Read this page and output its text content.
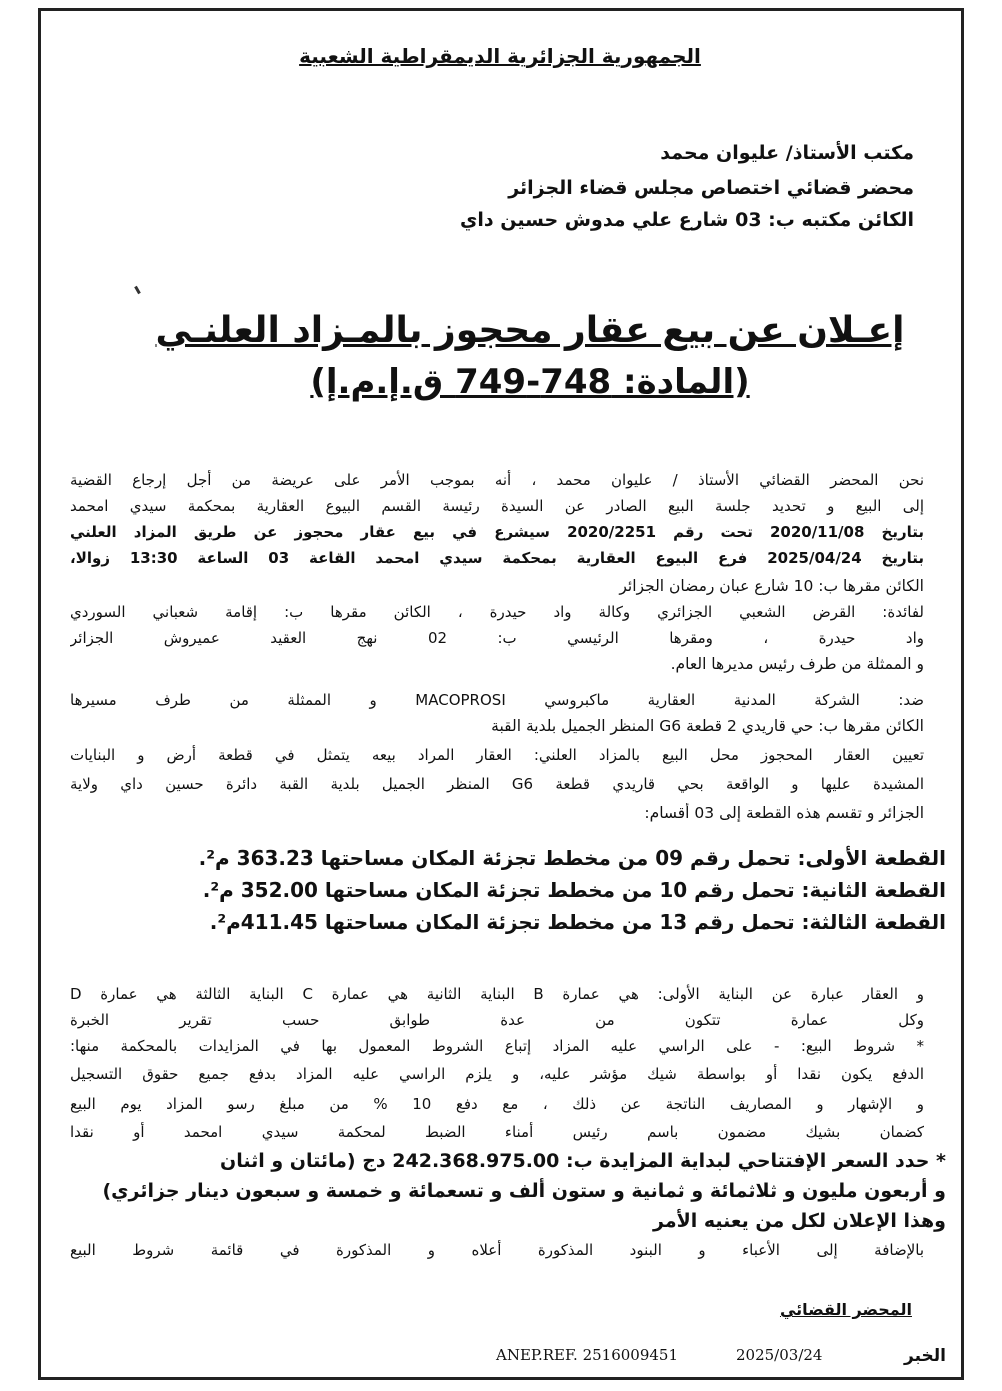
الجمهورية الجزائرية الديمقراطية الشعبية
مكتب الأستاذ/ عليوان محمد
محضر قضائي اختصاص مجلس قضاء الجزائر
الكائن مكتبه ب: 03 شارع علي مدوش حسين داي
إعـلان عن بيع عقار محجوز بالمـزاد العلنـي
(المادة: 748-749 ق.إ.م.إ)
نحن المحضر القضائي الأستاذ / عليوان محمد ، أنه بموجب الأمر على عريضة من أجل إرجاع القضية
إلى البيع و تحديد جلسة البيع الصادر عن السيدة رئيسة القسم البيوع العقارية بمحكمة سيدي امحمد
بتاريخ 2020/11/08 تحت رقم 2020/2251 سيشرع في بيع عقار محجوز عن طريق المزاد العلني
بتاريخ 2025/04/24 فرع البيوع العقارية بمحكمة سيدي امحمد القاعة 03 الساعة 13:30 زوالا،
الكائن مقرها ب: 10 شارع عبان رمضان الجزائر
لفائدة: القرض الشعبي الجزائري وكالة واد حيدرة ، الكائن مقرها ب: إقامة شعباني السوردي
واد حيدرة ، ومقرها الرئيسي ب: 02 نهج العقيد عميروش الجزائر
و الممثلة من طرف رئيس مديرها العام.
ضد: الشركة المدنية العقارية ماكبروسي MACOPROSI و الممثلة من طرف مسيرها
الكائن مقرها ب: حي قاريدي 2 قطعة G6 المنظر الجميل بلدية القبة
تعيين العقار المحجوز محل البيع بالمزاد العلني: العقار المراد بيعه يتمثل في قطعة أرض و البنايات
المشيدة عليها و الواقعة بحي قاريدي قطعة G6 المنظر الجميل بلدية القبة دائرة حسين داي ولاية
الجزائر و تقسم هذه القطعة إلى 03 أقسام:
القطعة الأولى: تحمل رقم 09 من مخطط تجزئة المكان مساحتها 363.23 م².
القطعة الثانية: تحمل رقم 10 من مخطط تجزئة المكان مساحتها 352.00 م².
القطعة الثالثة: تحمل رقم 13 من مخطط تجزئة المكان مساحتها 411.45م².
و العقار عبارة عن البناية الأولى: هي عمارة B البناية الثانية هي عمارة C البناية الثالثة هي عمارة D
وكل عمارة تتكون من عدة طوابق حسب تقرير الخبرة
* شروط البيع: - على الراسي عليه المزاد إتباع الشروط المعمول بها في المزايدات بالمحكمة منها:
الدفع يكون نقدا أو بواسطة شيك مؤشر عليه، و يلزم الراسي عليه المزاد بدفع جميع حقوق التسجيل
و الإشهار و المصاريف الناتجة عن ذلك ، مع دفع 10 % من مبلغ رسو المزاد يوم البيع
كضمان بشيك مضمون باسم رئيس أمناء الضبط لمحكمة سيدي امحمد أو نقدا
* حدد السعر الإفتتاحي لبداية المزايدة ب: 242.368.975.00 دج (مائتان و اثنان
و أربعون مليون و ثلاثمائة و ثمانية و ستون ألف و تسعمائة و خمسة و سبعون دينار جزائري)
وهذا الإعلان لكل من يعنيه الأمر
بالإضافة إلى الأعباء و البنود المذكورة أعلاه و المذكورة في قائمة شروط البيع
المحضر القضائي
ANEP.REF. 2516009451	2025/03/24	الخبر
